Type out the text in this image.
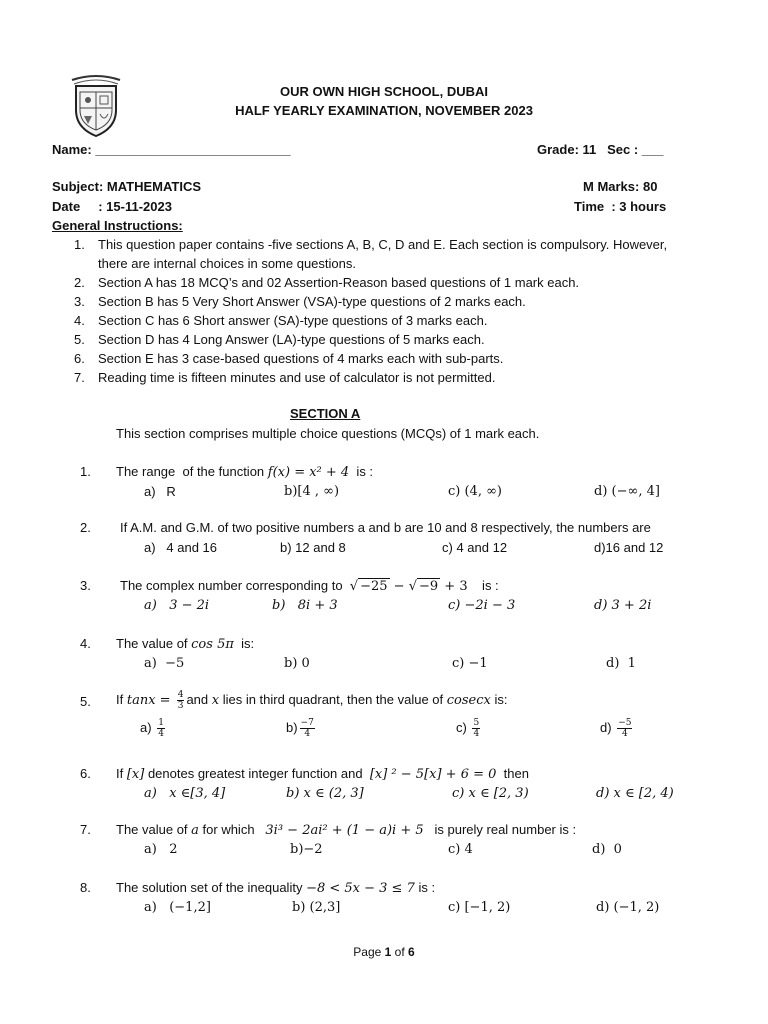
OUR OWN HIGH SCHOOL, DUBAI
HALF YEARLY EXAMINATION, NOVEMBER 2023
Name: ___________________________	Grade: 11   Sec : ___
Subject: MATHEMATICS	M Marks: 80
Date     : 15-11-2023	Time  : 3 hours
General Instructions:
1.	This question paper contains -five sections A, B, C, D and E. Each section is compulsory. However, there are internal choices in some questions.
2.	Section A has 18 MCQ’s and 02 Assertion-Reason based questions of 1 mark each.
3.	Section B has 5 Very Short Answer (VSA)-type questions of 2 marks each.
4.	Section C has 6 Short answer (SA)-type questions of 3 marks each.
5.	Section D has 4 Long Answer (LA)-type questions of 5 marks each.
6.	Section E has 3 case-based questions of 4 marks each with sub-parts.
7.	Reading time is fifteen minutes and use of calculator is not permitted.
SECTION A
This section comprises multiple choice questions (MCQs) of 1 mark each.
1. The range  of the function f(x) = x² + 4  is :
a)   R	b)[4 , ∞)	c) (4, ∞)	d) (−∞, 4]
2. If A.M. and G.M. of two positive numbers a and b are 10 and 8 respectively, the numbers are
a)   4 and 16	b) 12 and 8	c) 4 and 12	d)16 and 12
3. The complex number corresponding to  √ −25 − √ −9 + 3    is :
a)   3 − 2i	b)   8i + 3	c) −2i − 3	d) 3 + 2i
4. The value of cos 5π  is:
a)  −5	b) 0	c) −1	d)  1
5. If $\tan x = \frac{4}{3}$ and x lies in third quadrant, then the value of cosecx is:
$a) \frac{1}{4}$	$b) \frac{-7}{4}$	$c) \frac{5}{4}$	$d) \frac{-5}{4}$
6. If [x] denotes greatest integer function and  [x] ² − 5[x] + 6 = 0  then
a)   x ∈[3, 4]	b) x ∈ (2, 3]	c) x ∈ [2, 3)	d) x ∈ [2, 4)
7. The value of a for which   3i³ − 2ai² + (1 − a)i + 5   is purely real number is :
a)   2	b)−2	c) 4	d)  0
8. The solution set of the inequality −8 < 5x − 3 ≤ 7 is :
a)   (−1,2]	b) (2,3]	c) [−1, 2)	d) (−1, 2)
Page 1 of 6
